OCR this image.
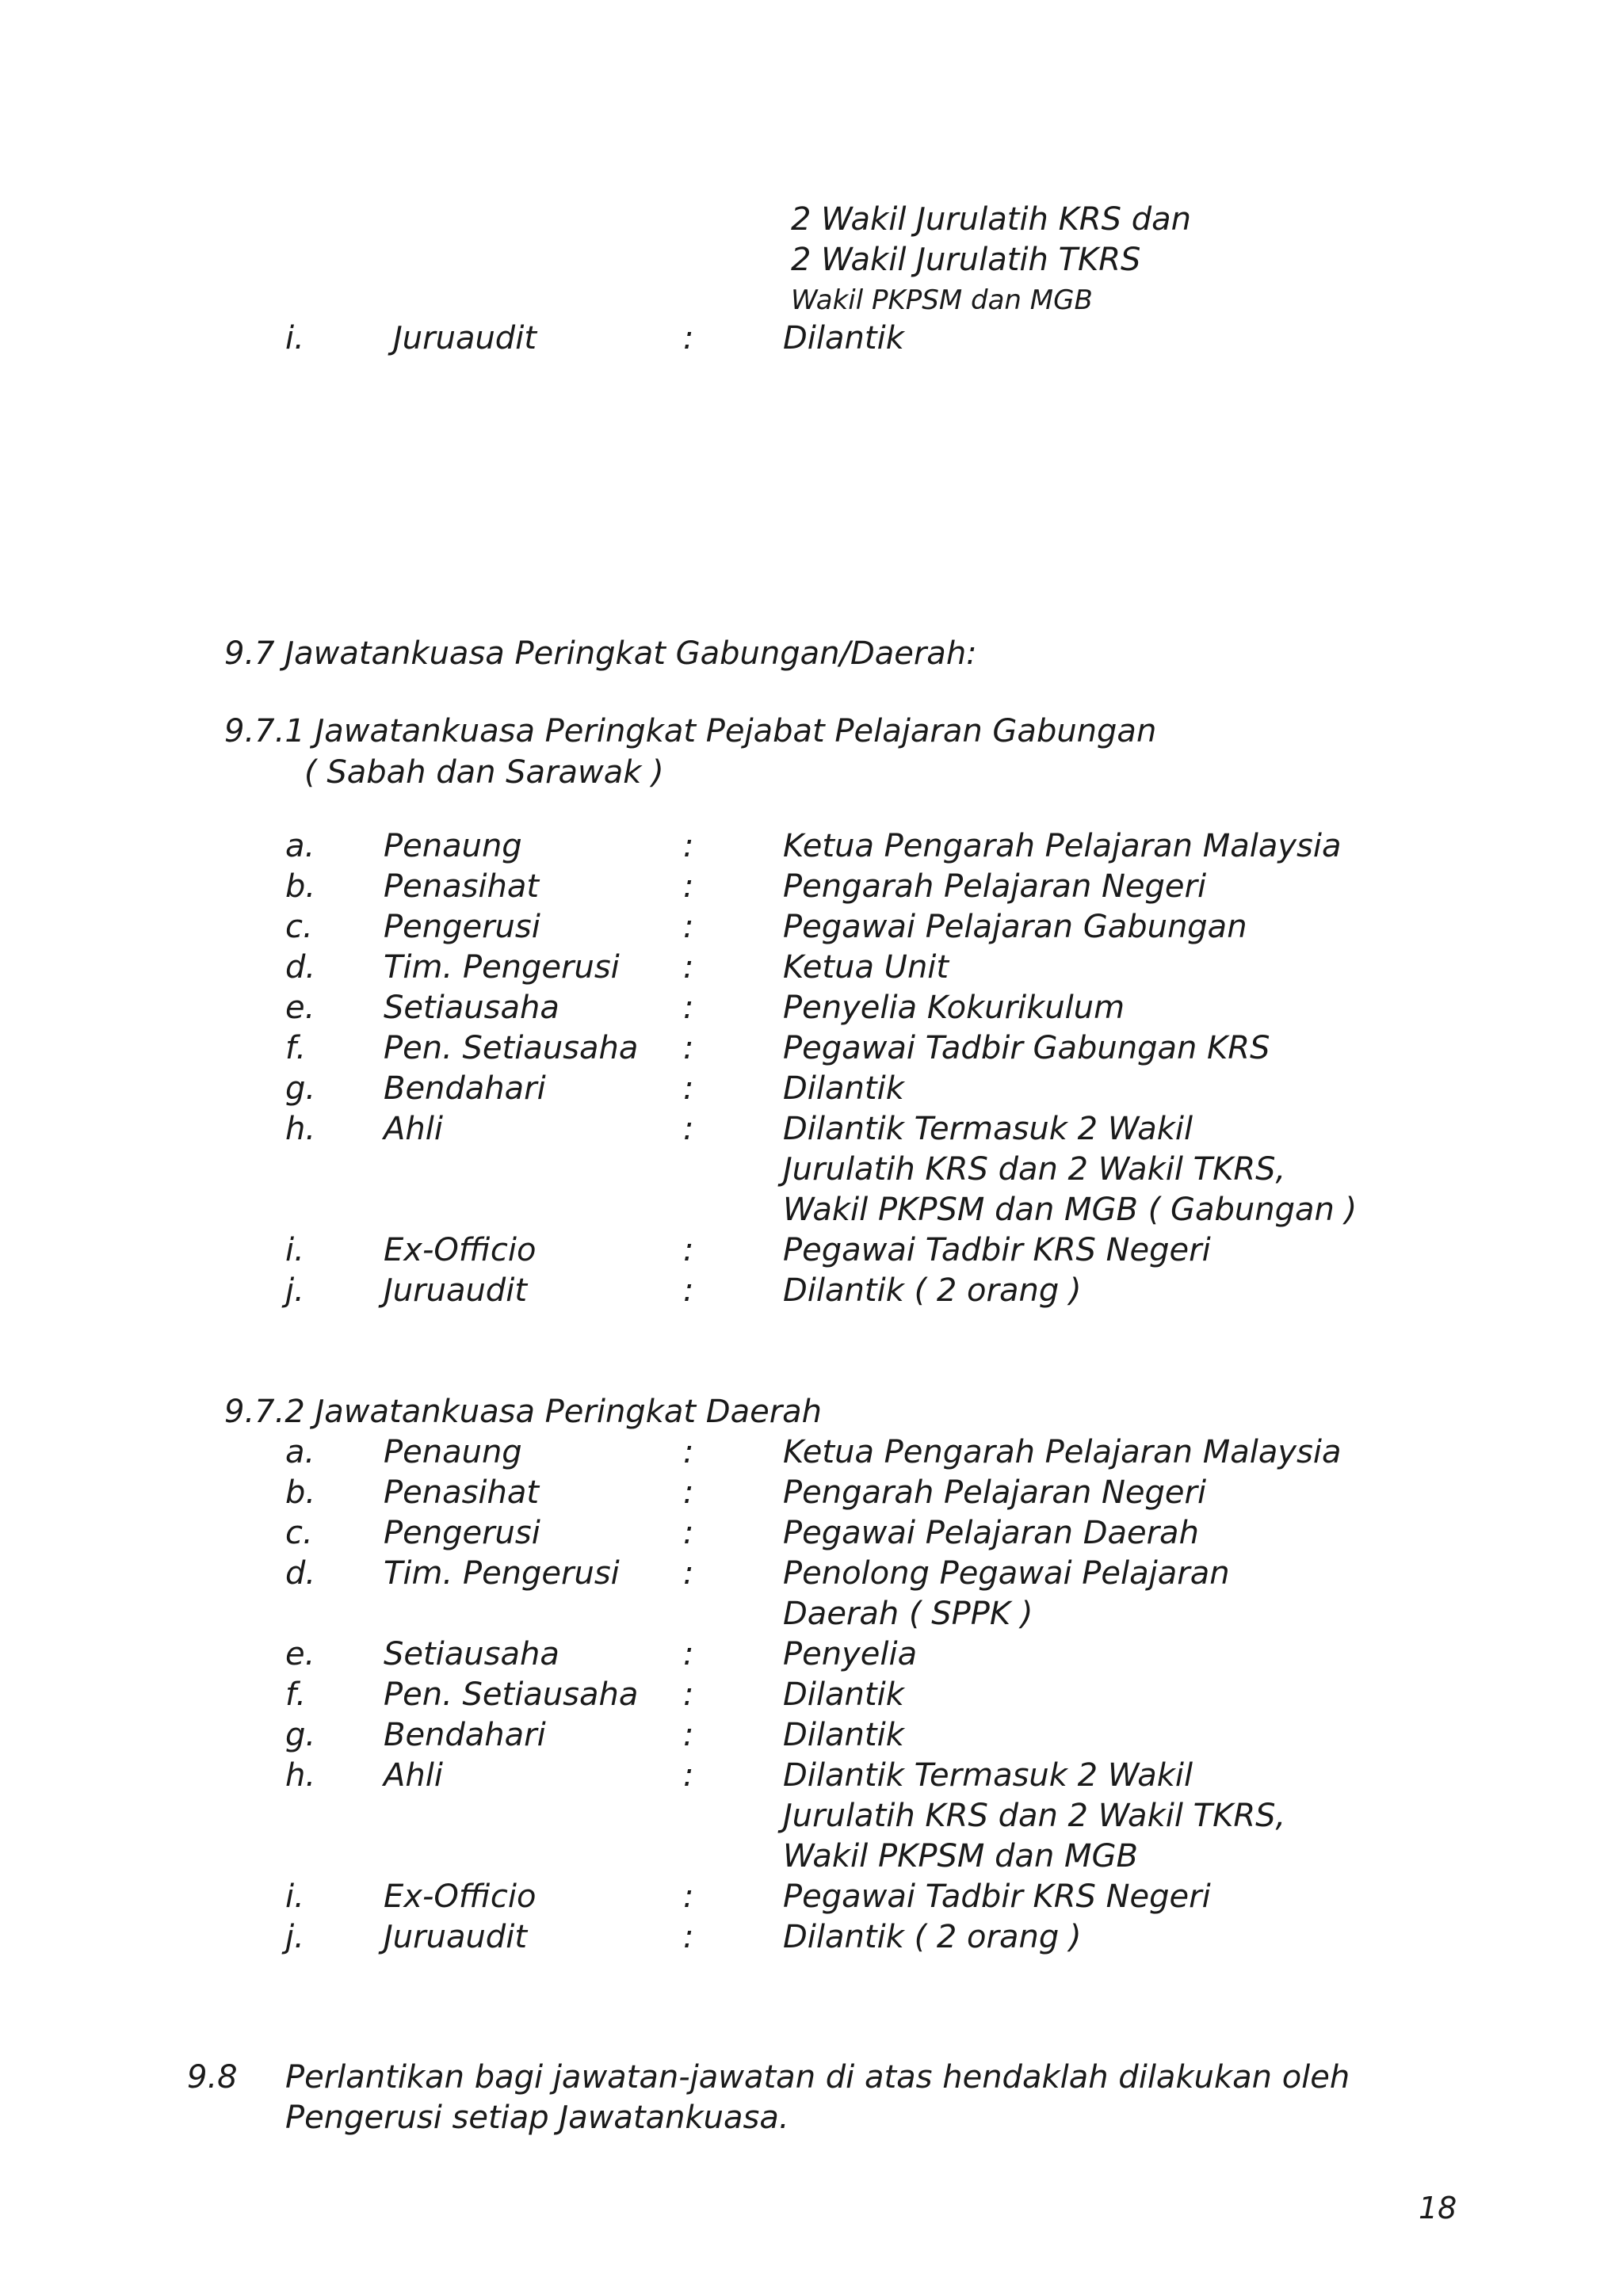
2 Wakil Jurulatih KRS dan
2 Wakil Jurulatih TKRS
Wakil PKPSM dan MGB
i.	Juruaudit	:	Dilantik
9.7 Jawatankuasa Peringkat Gabungan/Daerah:
9.7.1 Jawatankuasa Peringkat Pejabat Pelajaran Gabungan
( Sabah dan Sarawak )
a. Penaung	:	Ketua Pengarah Pelajaran Malaysia
b. Penasihat	:	Pengarah Pelajaran Negeri
c. Pengerusi	:	Pegawai Pelajaran Gabungan
d. Tim. Pengerusi :	Ketua Unit
e. Setiausaha	:	Penyelia Kokurikulum
f. Pen. Setiausaha :	Pegawai Tadbir Gabungan KRS
g. Bendahari	:	Dilantik
h. Ahli	:	Dilantik Termasuk 2 Wakil
Jurulatih KRS dan 2 Wakil TKRS,
Wakil PKPSM dan MGB ( Gabungan )
i.	Ex-Officio	:	Pegawai Tadbir KRS Negeri
j.	Juruaudit	:	Dilantik ( 2 orang )
9.7.2 Jawatankuasa Peringkat Daerah
a. Penaung	:	Ketua Pengarah Pelajaran Malaysia
b. Penasihat	:	Pengarah Pelajaran Negeri
c. Pengerusi	:	Pegawai Pelajaran Daerah
d. Tim. Pengerusi :	Penolong Pegawai Pelajaran
Daerah ( SPPK )
e. Setiausaha	:	Penyelia
f. Pen. Setiausaha :	Dilantik
g. Bendahari	:	Dilantik
h. Ahli	:	Dilantik Termasuk 2 Wakil
Jurulatih KRS dan 2 Wakil TKRS,
Wakil PKPSM dan MGB
i.	Ex-Officio	:	Pegawai Tadbir KRS Negeri
j.	Juruaudit	:	Dilantik ( 2 orang )
9.8 Perlantikan bagi jawatan-jawatan di atas hendaklah dilakukan oleh
Pengerusi setiap Jawatankuasa.
18
